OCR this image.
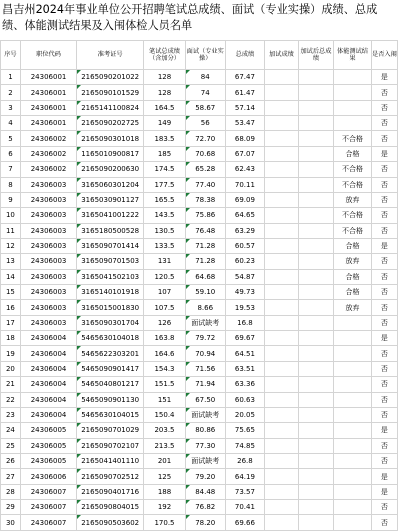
昌吉州2024年事业单位公开招聘笔试总成绩、面试（专业实操）成绩、总成绩、体能测试结果及入闱体检人员名单
序号	职位代码	准考证号	笔试总成绩（含加分）	面试（专业实操）	总成绩	加试成绩	加试后总成绩	体能测试结果	是否入闱
1	24306001	2165090201022	128	84	67.47				是
2	24306001	2165090101529	128	74	61.47				否
3	24306001	2165141100824	164.5	58.67	57.14				否
4	24306001	2165090202725	149	56	53.47				否
5	24306002	2165090301018	183.5	72.70	68.09			不合格	否
6	24306002	1165010900817	185	70.68	67.07			合格	是
7	24306002	2165090200630	174.5	65.28	62.43			不合格	否
8	24306003	3165060301204	177.5	77.40	70.11			不合格	否
9	24306003	3165030901127	165.5	78.38	69.09			放弃	否
10	24306003	3165041001222	143.5	75.86	64.65			不合格	否
11	24306003	3165180500528	130.5	76.48	63.29			不合格	否
12	24306003	3165090701414	133.5	71.28	60.57			合格	是
13	24306003	3165090701503	131	71.28	60.23			放弃	否
14	24306003	3165041502103	120.5	64.68	54.87			合格	否
15	24306003	3165140101918	107	59.10	49.73			合格	否
16	24306003	3165015001830	107.5	8.66	19.53			放弃	否
17	24306003	3165090301704	126	面试缺考	16.8				否
18	24306004	5465630104018	163.8	79.72	69.67				是
19	24306004	5465622303201	164.6	70.94	64.51				否
20	24306004	5465090901417	154.3	71.56	63.51				否
21	24306004	5465040801217	151.5	71.94	63.36				否
22	24306004	5465090901130	151	67.50	60.63				否
23	24306004	5465630104015	150.4	面试缺考	20.05				否
24	24306005	2165090701029	203.5	80.86	75.65				是
25	24306005	2165090702107	213.5	77.30	74.85				否
26	24306005	2165041401110	201	面试缺考	26.8				否
27	24306006	2165090702512	125	79.20	64.19				是
28	24306007	2165090401716	188	84.48	73.57				是
29	24306007	2165090804015	192	76.82	70.41				否
30	24306007	2165090503602	170.5	78.20	69.66				否
